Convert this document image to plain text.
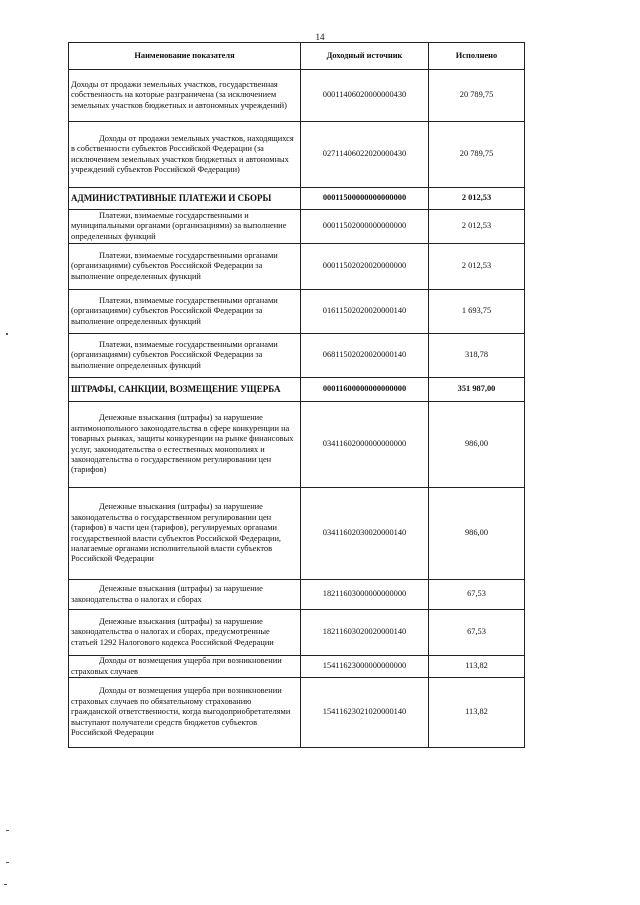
14
Наименование показателя	Доходный источник	Исполнено
Доходы от продажи земельных участков, государственная собственность на которые разграничена (за исключением земельных участков бюджетных и автономных учреждений)	00011406020000000430	20 789,75
Доходы от продажи земельных участков, находящихся в собственности субъектов Российской Федерации (за исключением земельных участков бюджетных и автономных учреждений субъектов Российской Федерации)	02711406022020000430	20 789,75
АДМИНИСТРАТИВНЫЕ ПЛАТЕЖИ И СБОРЫ	00011500000000000000	2 012,53
Платежи, взимаемые государственными и муниципальными органами (организациями) за выполнение определенных функций	00011502000000000000	2 012,53
Платежи, взимаемые государственными органами (организациями) субъектов Российской Федерации за выполнение определенных функций	00011502020020000000	2 012,53
Платежи, взимаемые государственными органами (организациями) субъектов Российской Федерации за выполнение определенных функций	01611502020020000140	1 693,75
Платежи, взимаемые государственными органами (организациями) субъектов Российской Федерации за выполнение определенных функций	06811502020020000140	318,78
ШТРАФЫ, САНКЦИИ, ВОЗМЕЩЕНИЕ УЩЕРБА	00011600000000000000	351 987,00
Денежные взыскания (штрафы) за нарушение антимонопольного законодательства в сфере конкуренции на товарных рынках, защиты конкуренции на рынке финансовых услуг, законодательства о естественных монополиях и законодательства о государственном регулировании цен (тарифов)	03411602000000000000	986,00
Денежные взыскания (штрафы) за нарушение законодательства о государственном регулировании цен (тарифов) в части цен (тарифов), регулируемых органами государственной власти субъектов Российской Федерации, налагаемые органами исполнительной власти субъектов Российской Федерации	03411602030020000140	986,00
Денежные взыскания (штрафы) за нарушение законодательства о налогах и сборах	18211603000000000000	67,53
Денежные взыскания (штрафы) за нарушение законодательства о налогах и сборах, предусмотренные статьей 1292 Налогового кодекса Российской Федерации	18211603020020000140	67,53
Доходы от возмещения ущерба при возникновении страховых случаев	15411623000000000000	113,82
Доходы от возмещения ущерба при возникновении страховых случаев по обязательному страхованию гражданской ответственности, когда выгодоприобретателями выступают получатели средств бюджетов субъектов Российской Федерации	15411623021020000140	113,82
